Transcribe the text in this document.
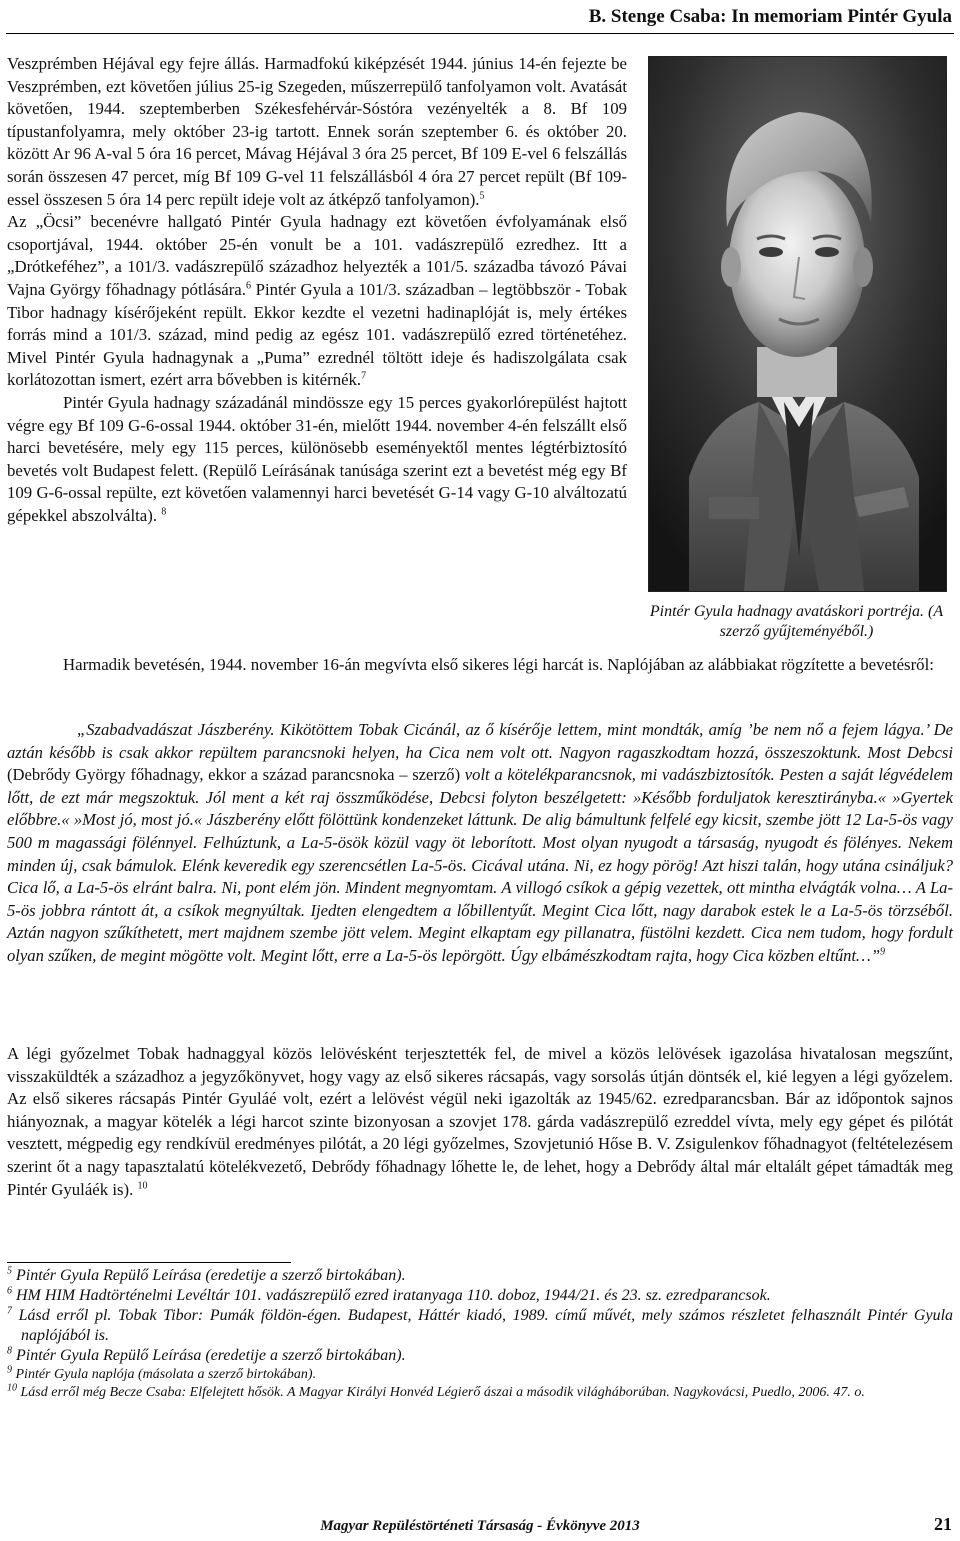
B. Stenge Csaba: In memoriam Pintér Gyula

Veszprémben Héjával egy fejre állás. Harmadfokú kiképzését 1944. június 14-én fejezte be Veszprémben, ezt követően július 25-ig Szegeden, műszerrepülő tanfolyamon volt. Avatását követően, 1944. szeptemberben Székesfehérvár-Sóstóra vezényelték a 8. Bf 109 típustanfolyamra, mely október 23-ig tartott. Ennek során szeptember 6. és október 20. között Ar 96 A-val 5 óra 16 percet, Mávag Héjával 3 óra 25 percet, Bf 109 E-vel 6 felszállás során összesen 47 percet, míg Bf 109 G-vel 11 felszállásból 4 óra 27 percet repült (Bf 109-essel összesen 5 óra 14 perc repült ideje volt az átképző tanfolyamon).$^5$

Az „Öcsi” becenévre hallgató Pintér Gyula hadnagy ezt követően évfolyamának első csoportjával, 1944. október 25-én vonult be a 101. vadászrepülő ezredhez. Itt a „Drótkeféhez”, a 101/3. vadászrepülő századhoz helyezték a 101/5. századba távozó Pávai Vajna György főhadnagy pótlására.$^6$ Pintér Gyula a 101/3. században – legtöbbször - Tobak Tibor hadnagy kísérőjeként repült. Ekkor kezdte el vezetni hadinaplóját is, mely értékes forrás mind a 101/3. század, mind pedig az egész 101. vadászrepülő ezred történetéhez. Mivel Pintér Gyula hadnagynak a „Puma” ezrednél töltött ideje és hadiszolgálata csak korlátozottan ismert, ezért arra bővebben is kitérnék.$^7$

Pintér Gyula hadnagy századánál mindössze egy 15 perces gyakorlórepülést hajtott végre egy Bf 109 G-6-ossal 1944. október 31-én, mielőtt 1944. november 4-én felszállt első harci bevetésére, mely egy 115 perces, különösebb eseményektől mentes légtérbiztosító bevetés volt Budapest felett. (Repülő Leírásának tanúsága szerint ezt a bevetést még egy Bf 109 G-6-ossal repülte, ezt követően valamennyi harci bevetését G-14 vagy G-10 alváltozatú gépekkel abszolválta). $^8$

Pintér Gyula hadnagy avatáskori portréja. (A szerző gyűjteményéből.)

Harmadik bevetésén, 1944. november 16-án megvívta első sikeres légi harcát is. Naplójában az alábbiakat rögzítette a bevetésről:

„Szabadvadászat Jászberény. Kikötöttem Tobak Cicánál, az ő kísérője lettem, mint mondták, amíg ’be nem nő a fejem lágya.’ De aztán később is csak akkor repültem parancsnoki helyen, ha Cica nem volt ott. Nagyon ragaszkodtam hozzá, összeszoktunk. Most Debcsi (Debrődy György főhadnagy, ekkor a század parancsnoka – szerző) volt a kötelékparancsnok, mi vadászbiztosítók. Pesten a saját légvédelem lőtt, de ezt már megszoktuk. Jól ment a két raj összműködése, Debcsi folyton beszélgetett: »Később forduljatok keresztirányba.« »Gyertek előbbre.« »Most jó, most jó.« Jászberény előtt fölöttünk kondenzeket láttunk. De alig bámultunk felfelé egy kicsit, szembe jött 12 La-5-ös vagy 500 m magassági fölénnyel. Felhúztunk, a La-5-ösök közül vagy öt leborított. Most olyan nyugodt a társaság, nyugodt és fölényes. Nekem minden új, csak bámulok. Elénk keveredik egy szerencsétlen La-5-ös. Cicával utána. Ni, ez hogy pörög! Azt hiszi talán, hogy utána csináljuk? Cica lő, a La-5-ös elránt balra. Ni, pont elém jön. Mindent megnyomtam. A villogó csíkok a gépig vezettek, ott mintha elvágták volna… A La-5-ös jobbra rántott át, a csíkok megnyúltak. Ijedten elengedtem a lőbillentyűt. Megint Cica lőtt, nagy darabok estek le a La-5-ös törzséből. Aztán nagyon szűkíthetett, mert majdnem szembe jött velem. Megint elkaptam egy pillanatra, füstölni kezdett. Cica nem tudom, hogy fordult olyan szűken, de megint mögötte volt. Megint lőtt, erre a La-5-ös lepörgött. Úgy elbámészkodtam rajta, hogy Cica közben eltűnt…”$^9$

A légi győzelmet Tobak hadnaggyal közös lelövésként terjesztették fel, de mivel a közös lelövések igazolása hivatalosan megszűnt, visszaküldték a századhoz a jegyzőkönyvet, hogy vagy az első sikeres rácsapás, vagy sorsolás útján döntsék el, kié legyen a légi győzelem. Az első sikeres rácsapás Pintér Gyuláé volt, ezért a lelövést végül neki igazolták az 1945/62. ezredparancsban. Bár az időpontok sajnos hiányoznak, a magyar kötelék a légi harcot szinte bizonyosan a szovjet 178. gárda vadászrepülő ezreddel vívta, mely egy gépet és pilótát vesztett, mégpedig egy rendkívül eredményes pilótát, a 20 légi győzelmes, Szovjetunió Hőse B. V. Zsigulenkov főhadnagyot (feltételezésem szerint őt a nagy tapasztalatú kötelékvezető, Debrődy főhadnagy lőhette le, de lehet, hogy a Debrődy által már eltalált gépet támadták meg Pintér Gyuláék is). $^{10}$

$^5$ Pintér Gyula Repülő Leírása (eredetije a szerző birtokában).

$^6$ HM HIM Hadtörténelmi Levéltár 101. vadászrepülő ezred iratanyaga 110. doboz, 1944/21. és 23. sz. ezredparancsok.

$^7$ Lásd erről pl. Tobak Tibor: Pumák földön-égen. Budapest, Háttér kiadó, 1989. című művét, mely számos részletet felhasznált Pintér Gyula naplójából is.

$^8$ Pintér Gyula Repülő Leírása (eredetije a szerző birtokában).

$^9$ Pintér Gyula naplója (másolata a szerző birtokában).

$^{10}$ Lásd erről még Becze Csaba: Elfelejtett hősök. A Magyar Királyi Honvéd Légierő ászai a második világháborúban. Nagykovácsi, Puedlo, 2006. 47. o.

Magyar Repüléstörténeti Társaság - Évkönyve 2013	21
